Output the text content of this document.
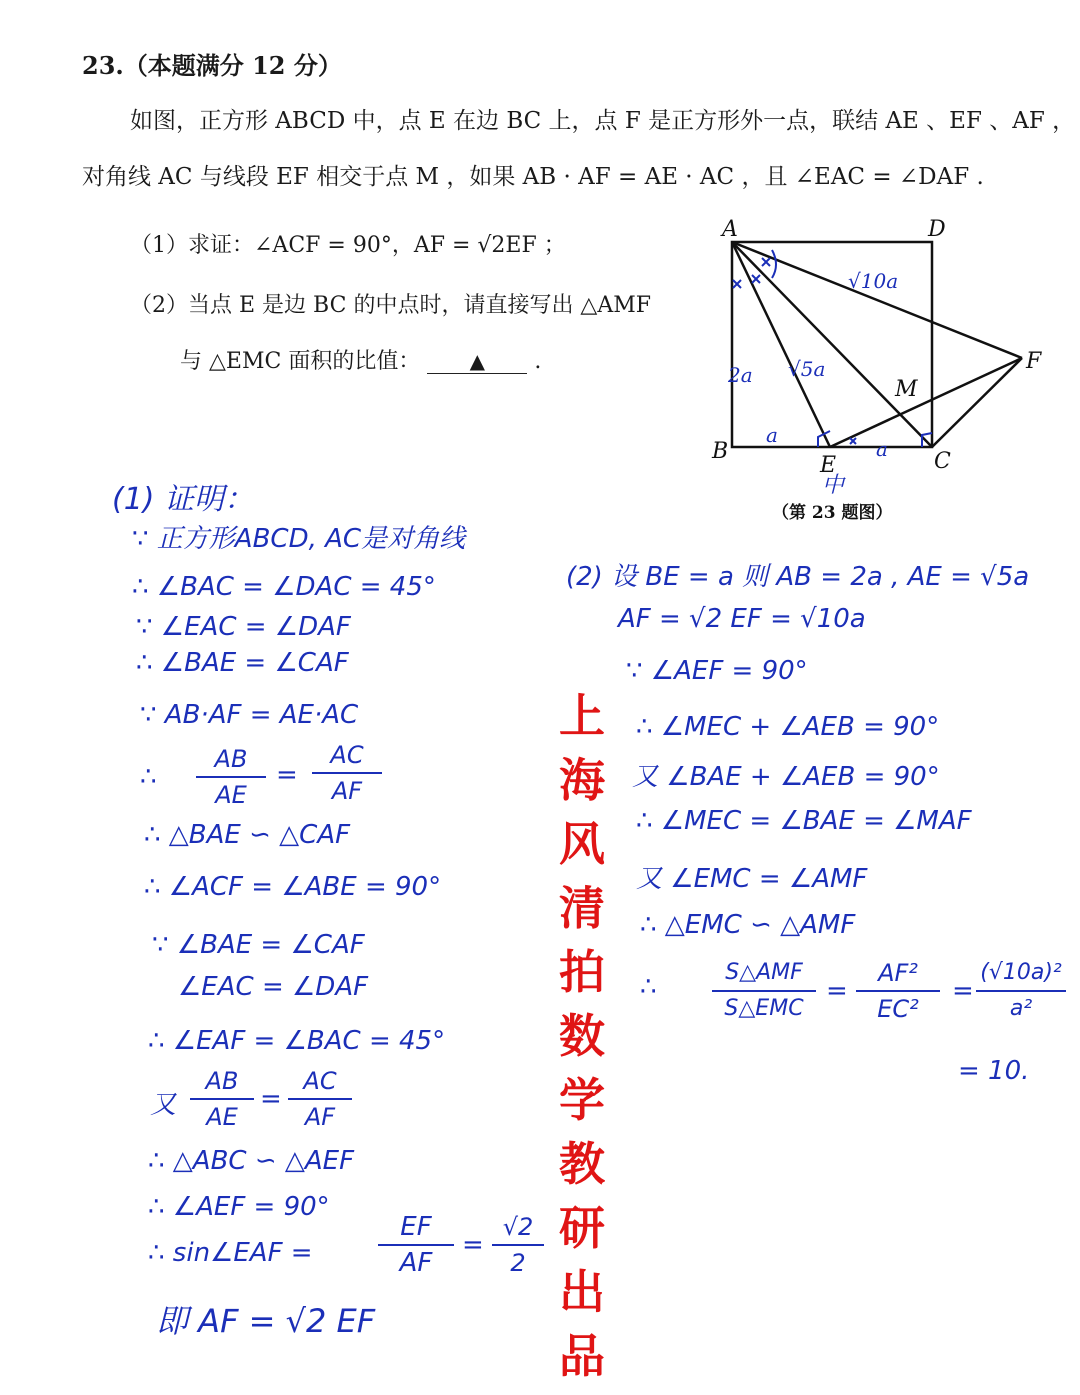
23.（本题满分 12 分）
如图，正方形 ABCD 中，点 E 在边 BC 上，点 F 是正方形外一点，联结 AE 、EF 、AF ，
对角线 AC 与线段 EF 相交于点 M ，如果 AB · AF = AE · AC ，且 ∠EAC = ∠DAF .
（1）求证：∠ACF = 90°，AF = √2EF ；
（2）当点 E 是边 BC 的中点时，请直接写出 △AMF
与 △EMC 面积的比值： ▲ .
A	D
B	C
E
F
M
2a √5a
√10a
a
a
中
（第 23 题图）
(1) 证明：
∵ 正方形ABCD, AC是对角线
∴ ∠BAC = ∠DAC = 45°
∵ ∠EAC = ∠DAF
∴ ∠BAE = ∠CAF
∵ AB·AF = AE·AC
∴
AB
AE
=
AC
AF
∴ △BAE ∽ △CAF
∴ ∠ACF = ∠ABE = 90°
∵ ∠BAE = ∠CAF
∠EAC = ∠DAF
∴ ∠EAF = ∠BAC = 45°
又
AB
AE
=
AC
AF
∴ △ABC ∽ △AEF
∴ ∠AEF = 90°
∴ sin∠EAF =
EF
AF
=
√2
2
即 AF = √2 EF
(2) 设 BE = a 则 AB = 2a , AE = √5a
AF = √2 EF = √10a
∵ ∠AEF = 90°
∴ ∠MEC + ∠AEB = 90°
又 ∠BAE + ∠AEB = 90°
∴ ∠MEC = ∠BAE = ∠MAF
又 ∠EMC = ∠AMF
∴ △EMC ∽ △AMF
∴	S△AMF
S△EMC
=
AF²
EC²
=
(√10a)²
a²
= 10.
上
海
风
清
拍
数
学
教
研
出
品
